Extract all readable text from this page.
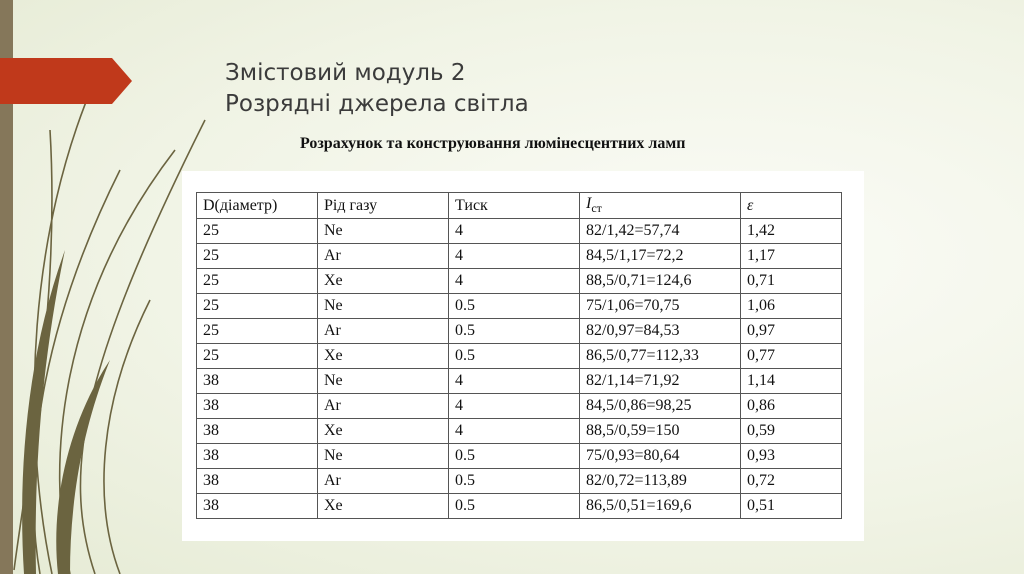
Змістовий модуль 2
Розрядні джерела світла
Розрахунок та конструювання люмінесцентних ламп
D(діаметр)	Рід газу	Тиск	$I_{ст}$	ε
25	Ne	4	82/1,42=57,74	1,42
25	Ar	4	84,5/1,17=72,2	1,17
25	Xe	4	88,5/0,71=124,6	0,71
25	Ne	0.5	75/1,06=70,75	1,06
25	Ar	0.5	82/0,97=84,53	0,97
25	Xe	0.5	86,5/0,77=112,33	0,77
38	Ne	4	82/1,14=71,92	1,14
38	Ar	4	84,5/0,86=98,25	0,86
38	Xe	4	88,5/0,59=150	0,59
38	Ne	0.5	75/0,93=80,64	0,93
38	Ar	0.5	82/0,72=113,89	0,72
38	Xe	0.5	86,5/0,51=169,6	0,51
